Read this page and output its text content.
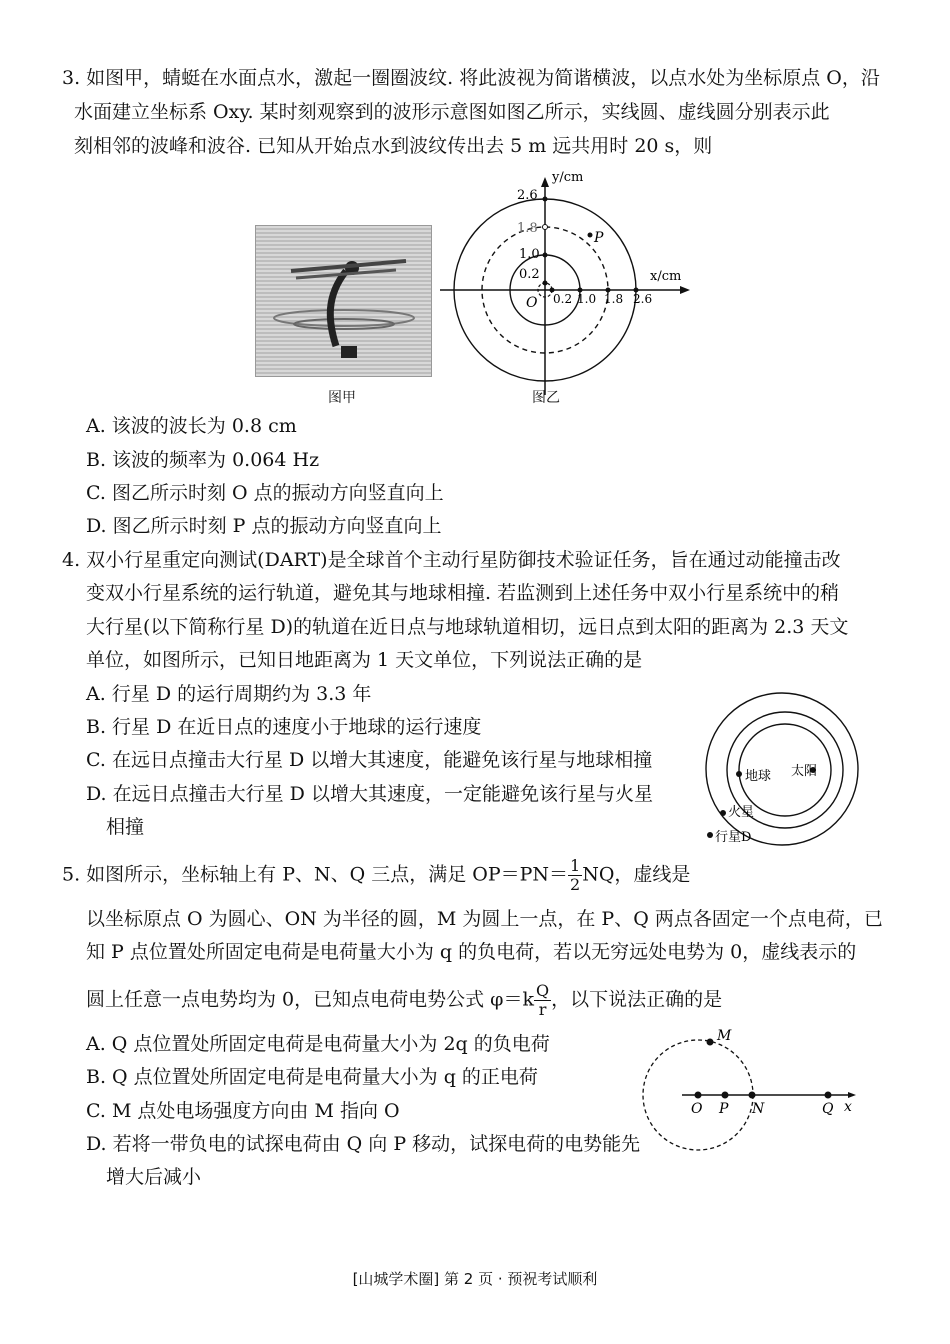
3. 如图甲，蜻蜓在水面点水，激起一圈圈波纹. 将此波视为简谐横波，以点水处为坐标原点 O，沿
水面建立坐标系 Oxy. 某时刻观察到的波形示意图如图乙所示，实线圆、虚线圆分别表示此
刻相邻的波峰和波谷. 已知从开始点水到波纹传出去 5 m 远共用时 20 s，则
图甲
y/cm
x/cm
2.6
1.8
1.0
0.2
0.2 1.0 1.8 2.6
O
P
图乙
A. 该波的波长为 0.8 cm
B. 该波的频率为 0.064 Hz
C. 图乙所示时刻 O 点的振动方向竖直向上
D. 图乙所示时刻 P 点的振动方向竖直向上
4. 双小行星重定向测试(DART)是全球首个主动行星防御技术验证任务，旨在通过动能撞击改
变双小行星系统的运行轨道，避免其与地球相撞. 若监测到上述任务中双小行星系统中的稍
大行星(以下简称行星 D)的轨道在近日点与地球轨道相切，远日点到太阳的距离为 2.3 天文
单位，如图所示，已知日地距离为 1 天文单位，下列说法正确的是
A. 行星 D 的运行周期约为 3.3 年
B. 行星 D 在近日点的速度小于地球的运行速度
C. 在远日点撞击大行星 D 以增大其速度，能避免该行星与地球相撞
D. 在远日点撞击大行星 D 以增大其速度，一定能避免该行星与火星
相撞
地球 太阳
火星
行星D
5. 如图所示，坐标轴上有 P、N、Q 三点，满足 $OP=PN= \frac{1}{2}$ NQ，虚线是
以坐标原点 O 为圆心、ON 为半径的圆，M 为圆上一点，在 P、Q 两点各固定一个点电荷，已
知 P 点位置处所固定电荷是电荷量大小为 q 的负电荷，若以无穷远处电势为 0，虚线表示的
圆上任意一点电势均为 0，已知点电荷电势公式 $\varphi=k \frac{Q}{r}$ ，以下说法正确的是
A. Q 点位置处所固定电荷是电荷量大小为 2q 的负电荷
B. Q 点位置处所固定电荷是电荷量大小为 q 的正电荷
C. M 点处电场强度方向由 M 指向 O
D. 若将一带负电的试探电荷由 Q 向 P 移动，试探电荷的电势能先
增大后减小
M
O P N	Q x
[山城学术圈] 第 2 页 · 预祝考试顺利
